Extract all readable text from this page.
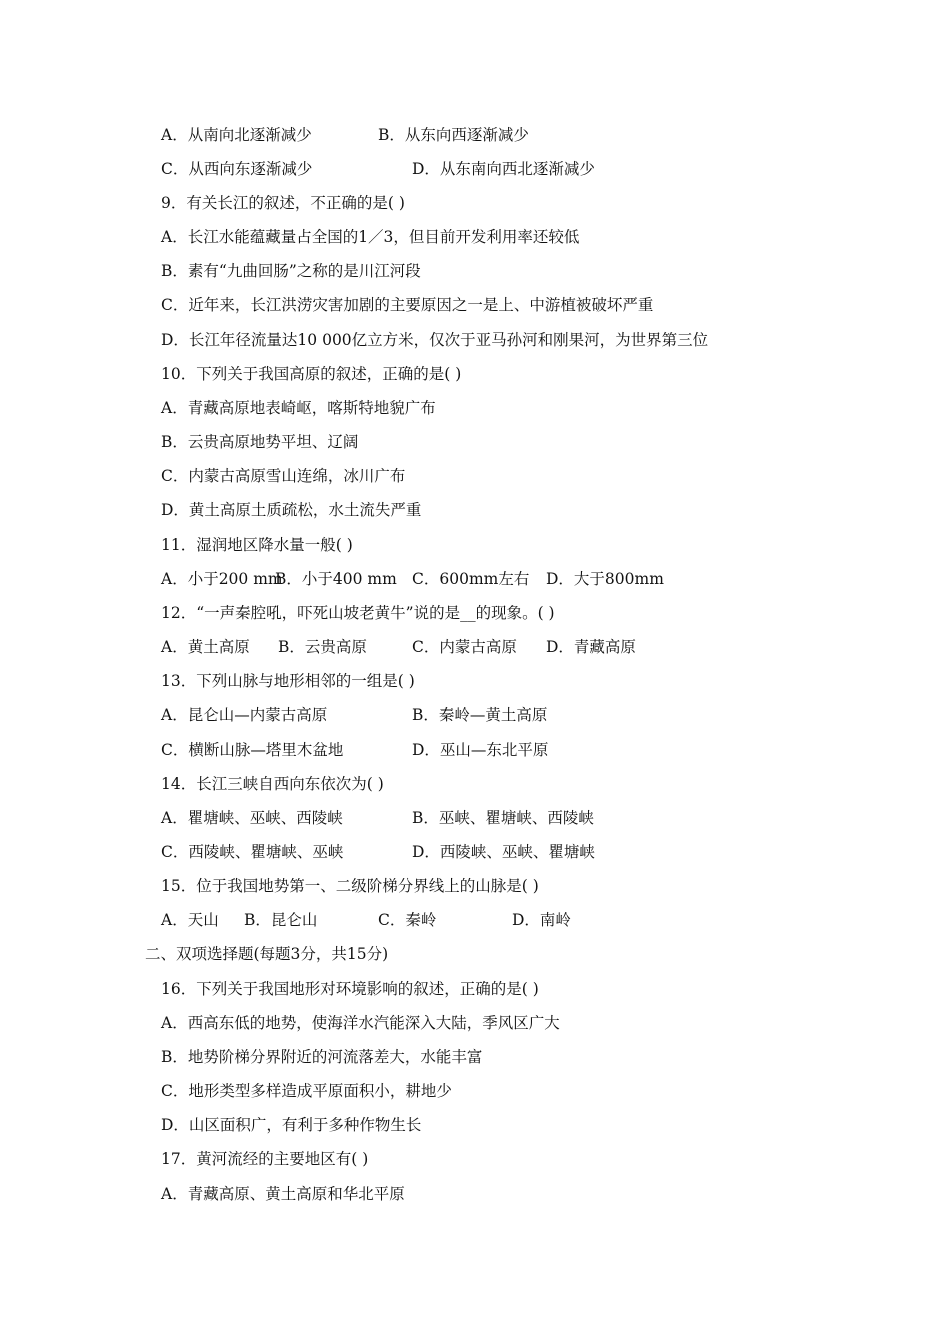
A．从南向北逐渐减少	B．从东向西逐渐减少
C．从西向东逐渐减少	D．从东南向西北逐渐减少
9．有关长江的叙述，不正确的是( )
A．长江水能蕴藏量占全国的1／3，但目前开发利用率还较低
B．素有“九曲回肠”之称的是川江河段
C．近年来，长江洪涝灾害加剧的主要原因之一是上、中游植被破坏严重
D．长江年径流量达10 000亿立方米，仅次于亚马孙河和刚果河，为世界第三位
10．下列关于我国高原的叙述，正确的是( )
A．青藏高原地表崎岖，喀斯特地貌广布
B．云贵高原地势平坦、辽阔
C．内蒙古高原雪山连绵，冰川广布
D．黄土高原土质疏松，水土流失严重
11．湿润地区降水量一般( )
A．小于200 mm
B．小于400 mm C．600mm左右 D．大于800mm
12．“一声秦腔吼，吓死山坡老黄牛”说的是__的现象。( )
A．黄土高原 B．云贵高原	C．内蒙古高原 D．青藏高原
13．下列山脉与地形相邻的一组是( )
A．昆仑山—内蒙古高原	B．秦岭—黄土高原
C．横断山脉—塔里木盆地	D．巫山—东北平原
14．长江三峡自西向东依次为( )
A．瞿塘峡、巫峡、西陵峡	B．巫峡、瞿塘峡、西陵峡
C．西陵峡、瞿塘峡、巫峡	D．西陵峡、巫峡、瞿塘峡
15．位于我国地势第一、二级阶梯分界线上的山脉是( )
A．天山 B．昆仑山	C．秦岭	D．南岭
二、双项选择题(每题3分，共15分)
16．下列关于我国地形对环境影响的叙述，正确的是( )
A．西高东低的地势，使海洋水汽能深入大陆，季风区广大
B．地势阶梯分界附近的河流落差大，水能丰富
C．地形类型多样造成平原面积小，耕地少
D．山区面积广，有利于多种作物生长
17．黄河流经的主要地区有( )
A．青藏高原、黄土高原和华北平原
